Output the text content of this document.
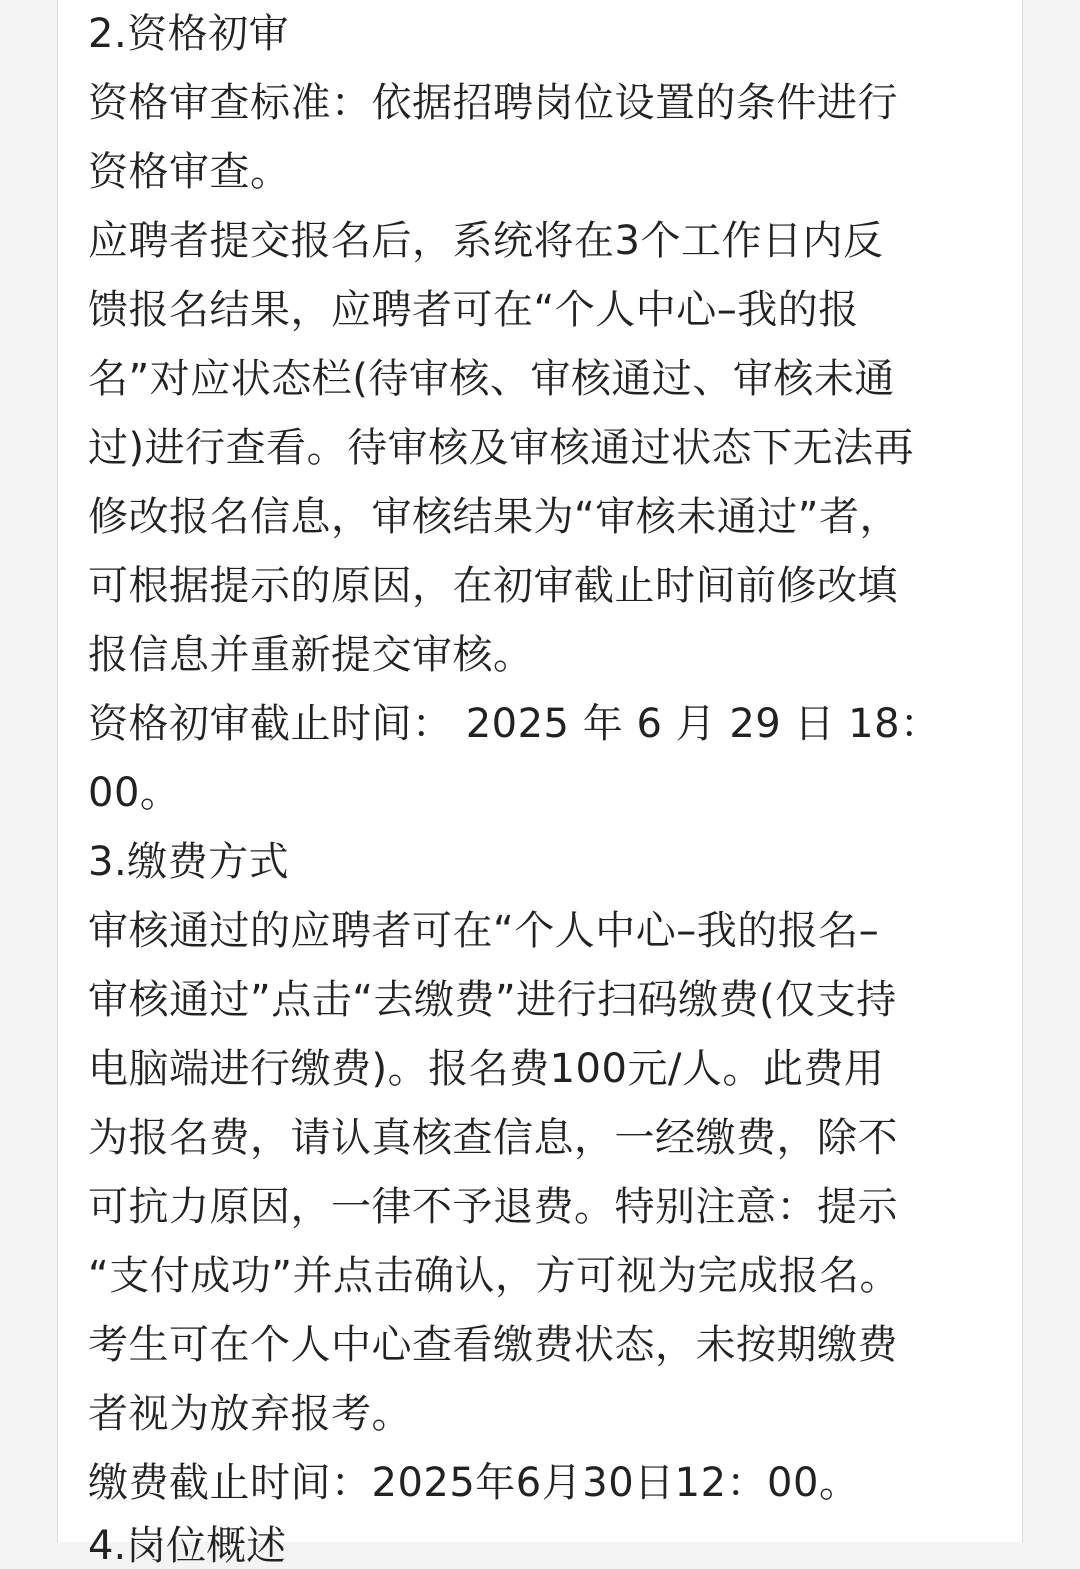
2.资格初审
资格审查标准：依据招聘岗位设置的条件进行
资格审查。
应聘者提交报名后，系统将在3个工作日内反
馈报名结果，应聘者可在“个人中心–我的报
名”对应状态栏(待审核、审核通过、审核未通
过)进行查看。待审核及审核通过状态下无法再
修改报名信息，审核结果为“审核未通过”者，
可根据提示的原因，在初审截止时间前修改填
报信息并重新提交审核。
资格初审截止时间： 2025 年 6 月 29 日 18：
00。
3.缴费方式
审核通过的应聘者可在“个人中心–我的报名–
审核通过”点击“去缴费”进行扫码缴费(仅支持
电脑端进行缴费)。报名费100元/人。此费用
为报名费，请认真核查信息，一经缴费，除不
可抗力原因，一律不予退费。特别注意：提示
“支付成功”并点击确认，方可视为完成报名。
考生可在个人中心查看缴费状态，未按期缴费
者视为放弃报考。
缴费截止时间：2025年6月30日12：00。
4.岗位概述
